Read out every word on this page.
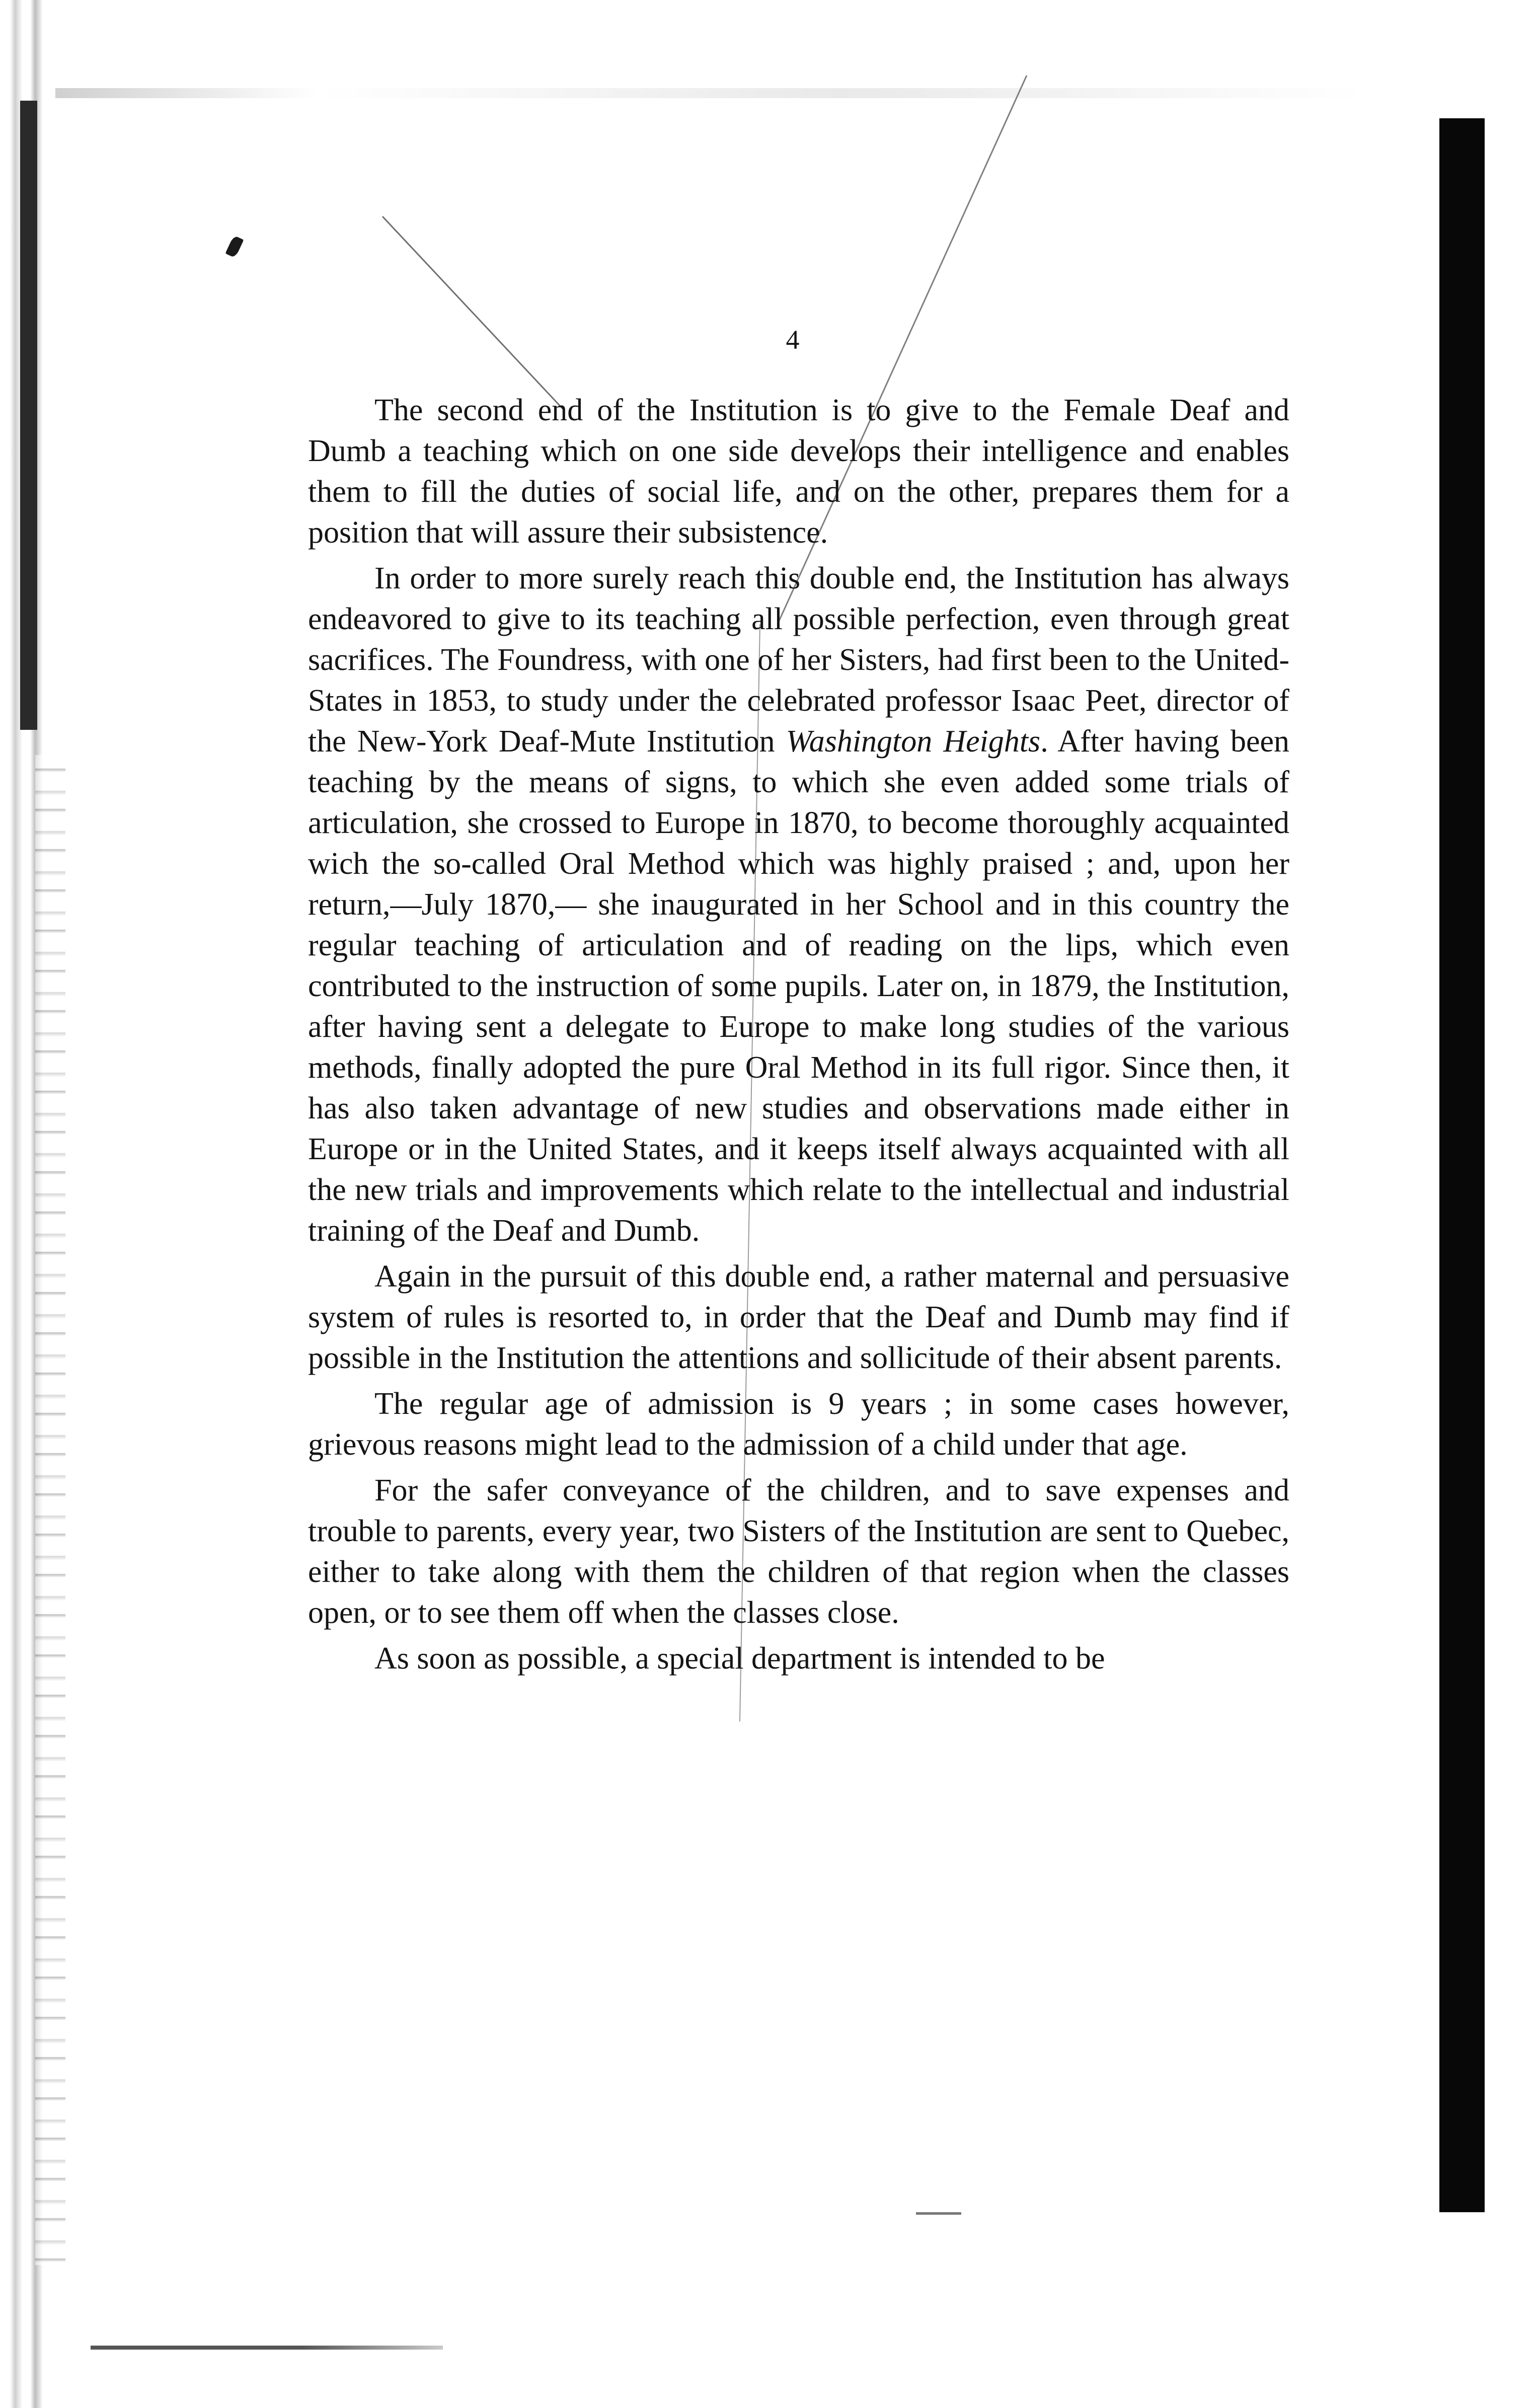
4

The second end of the Institution is to give to the Female Deaf and Dumb a teaching which on one side develops their intelligence and enables them to fill the duties of social life, and on the other, prepares them for a position that will assure their subsistence.

In order to more surely reach this double end, the Institution has always endeavored to give to its teaching all possible perfection, even through great sacrifices. The Foundress, with one of her Sisters, had first been to the United-States in 1853, to study under the celebrated professor Isaac Peet, director of the New-York Deaf-Mute Institution Washington Heights. After having been teaching by the means of signs, to which she even added some trials of articulation, she crossed to Europe in 1870, to become thoroughly acquainted wich the so-called Oral Method which was highly praised ; and, upon her return,—July 1870,— she inaugurated in her School and in this country the regular teaching of articulation and of reading on the lips, which even contributed to the instruction of some pupils. Later on, in 1879, the Institution, after having sent a delegate to Europe to make long studies of the various methods, finally adopted the pure Oral Method in its full rigor. Since then, it has also taken advantage of new studies and observations made either in Europe or in the United States, and it keeps itself always acquainted with all the new trials and improvements which relate to the intellectual and industrial training of the Deaf and Dumb.

Again in the pursuit of this double end, a rather maternal and persuasive system of rules is resorted to, in order that the Deaf and Dumb may find if possible in the Institution the attentions and sollicitude of their absent parents.

The regular age of admission is 9 years ; in some cases however, grievous reasons might lead to the admission of a child under that age.

For the safer conveyance of the children, and to save expenses and trouble to parents, every year, two Sisters of the Institution are sent to Quebec, either to take along with them the children of that region when the classes open, or to see them off when the classes close.

As soon as possible, a special department is intended to be
